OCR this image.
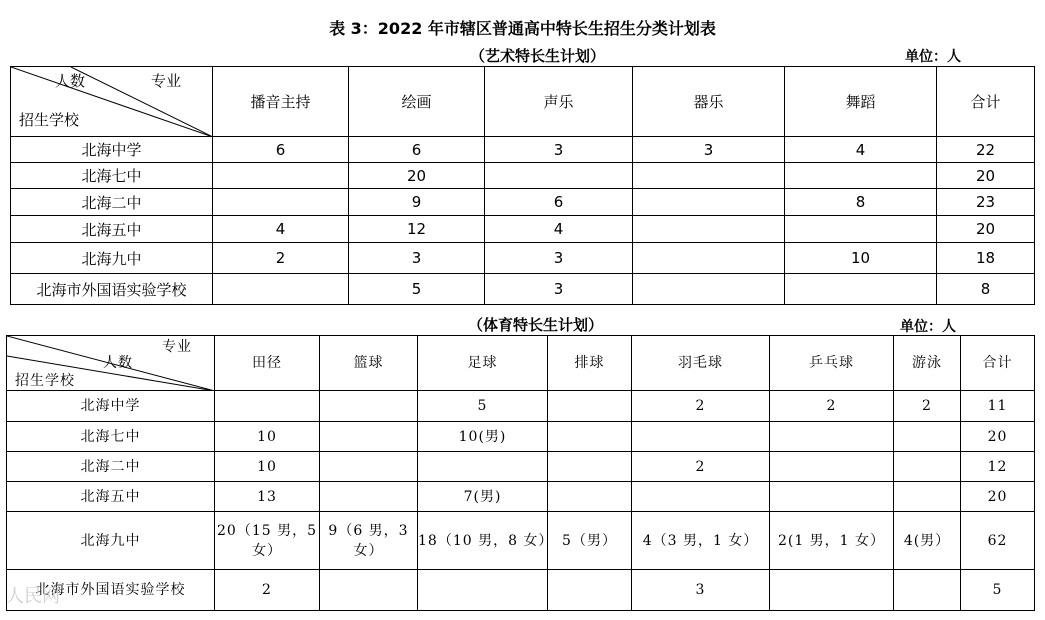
表 3：2022 年市辖区普通高中特长生招生分类计划表
（艺术特长生计划）	单位：人
人数 专业
招生学校	播音主持	绘画	声乐	器乐	舞蹈	合计
北海中学	6	6	3	3	4	22
北海七中		20				20
北海二中		9	6		8	23
北海五中	4	12	4			20
北海九中	2	3	3		10	18
北海市外国语实验学校		5	3			8
（体育特长生计划）	单位：人
专业
人数
招生学校	田径	篮球	足球	排球	羽毛球	乒乓球	游泳	合计
北海中学			5		2	2	2	11
北海七中	10		10(男)					20
北海二中	10				2			12
北海五中	13		7(男)					20
北海九中	20（15 男，5 女）	9（6 男，3 女）	18（10 男，8 女）	5（男）	4（3 男，1 女）	2(1 男，1 女）	4(男）	62
北海市外国语实验学校	2				3			5
人民网
